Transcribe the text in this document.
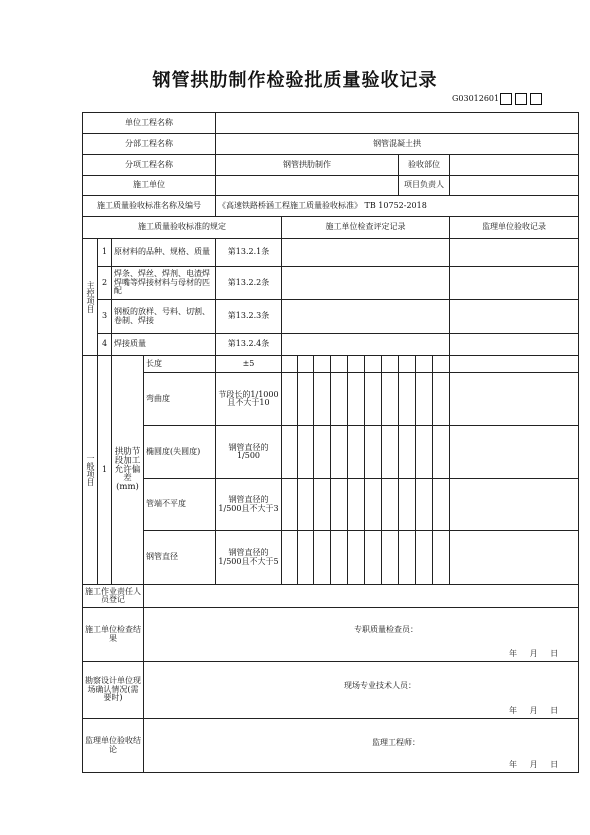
钢管拱肋制作检验批质量验收记录
G03012601
单位工程名称															
分部工程名称				钢管混凝土拱											
分项工程名称				钢管拱肋制作								验收部位			
施工单位												项目负责人			
施工质量验收标准名称及编号				《高速铁路桥涵工程施工质量验收标准》 TB 10752-2018											
施工质量验收标准的规定					施工单位检查评定记录										监理单位验收记录

主控项目	1	原材料的品种、规格、质量		第13.2.1条											
	2	焊条、焊丝、焊剂、电渣焊焊嘴等焊接材料与母材的匹配		第13.2.2条											
	3	钢板的放样、号料、切割、卷制、焊接		第13.2.3条											
	4	焊接质量		第13.2.4条											

一般项目	1	拱肋节段加工允许偏差(mm)	长度	±5											
			弯曲度	节段长的1/1000且不大于10											
			椭圆度(失圆度)	钢管直径的1/500											
			管端不平度	钢管直径的1/500且不大于3											
			钢管直径	钢管直径的1/500且不大于5											
施工作业责任人员登记															
施工单位检查结果			专职质量检查员：
年 月 日												

勘察设计单位现场确认情况(需要时)			现场专业技术人员：
年 月 日												

监理单位验收结论			监理工程师：
年 月 日												
